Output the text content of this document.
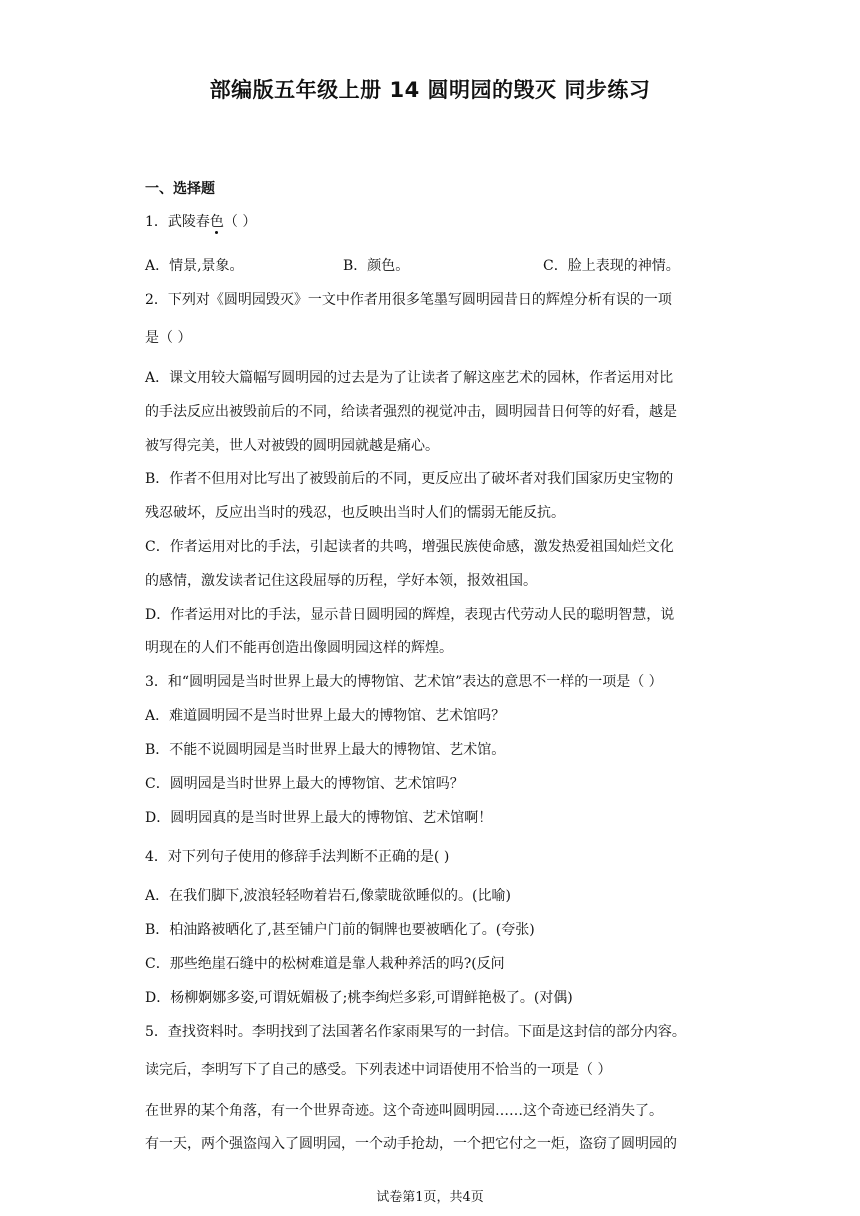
部编版五年级上册 14 圆明园的毁灭 同步练习
一、选择题
1．武陵春色（ ）
A．情景,景象。	B．颜色。	C．脸上表现的神情。
2．下列对《圆明园毁灭》一文中作者用很多笔墨写圆明园昔日的辉煌分析有误的一项
是（ ）
A．课文用较大篇幅写圆明园的过去是为了让读者了解这座艺术的园林，作者运用对比
的手法反应出被毁前后的不同，给读者强烈的视觉冲击，圆明园昔日何等的好看，越是
被写得完美，世人对被毁的圆明园就越是痛心。
B．作者不但用对比写出了被毁前后的不同，更反应出了破坏者对我们国家历史宝物的
残忍破坏，反应出当时的残忍，也反映出当时人们的懦弱无能反抗。
C．作者运用对比的手法，引起读者的共鸣，增强民族使命感，激发热爱祖国灿烂文化
的感情，激发读者记住这段屈辱的历程，学好本领，报效祖国。
D．作者运用对比的手法，显示昔日圆明园的辉煌，表现古代劳动人民的聪明智慧，说
明现在的人们不能再创造出像圆明园这样的辉煌。
3．和“圆明园是当时世界上最大的博物馆、艺术馆”表达的意思不一样的一项是（ ）
A．难道圆明园不是当时世界上最大的博物馆、艺术馆吗？
B．不能不说圆明园是当时世界上最大的博物馆、艺术馆。
C．圆明园是当时世界上最大的博物馆、艺术馆吗？
D．圆明园真的是当时世界上最大的博物馆、艺术馆啊！
4．对下列句子使用的修辞手法判断不正确的是( )
A．在我们脚下,波浪轻轻吻着岩石,像蒙眬欲睡似的。(比喻)
B．柏油路被晒化了,甚至铺户门前的铜牌也要被晒化了。(夸张)
C．那些绝崖石缝中的松树难道是靠人栽种养活的吗?(反问
D．杨柳婀娜多姿,可谓妩媚极了;桃李绚烂多彩,可谓鲜艳极了。(对偶)
5．查找资料时。李明找到了法国著名作家雨果写的一封信。下面是这封信的部分内容。
读完后，李明写下了自己的感受。下列表述中词语使用不恰当的一项是（ ）
在世界的某个角落，有一个世界奇迹。这个奇迹叫圆明园……这个奇迹已经消失了。
有一天，两个强盗闯入了圆明园，一个动手抢劫，一个把它付之一炬，盗窃了圆明园的
试卷第1页，共4页
